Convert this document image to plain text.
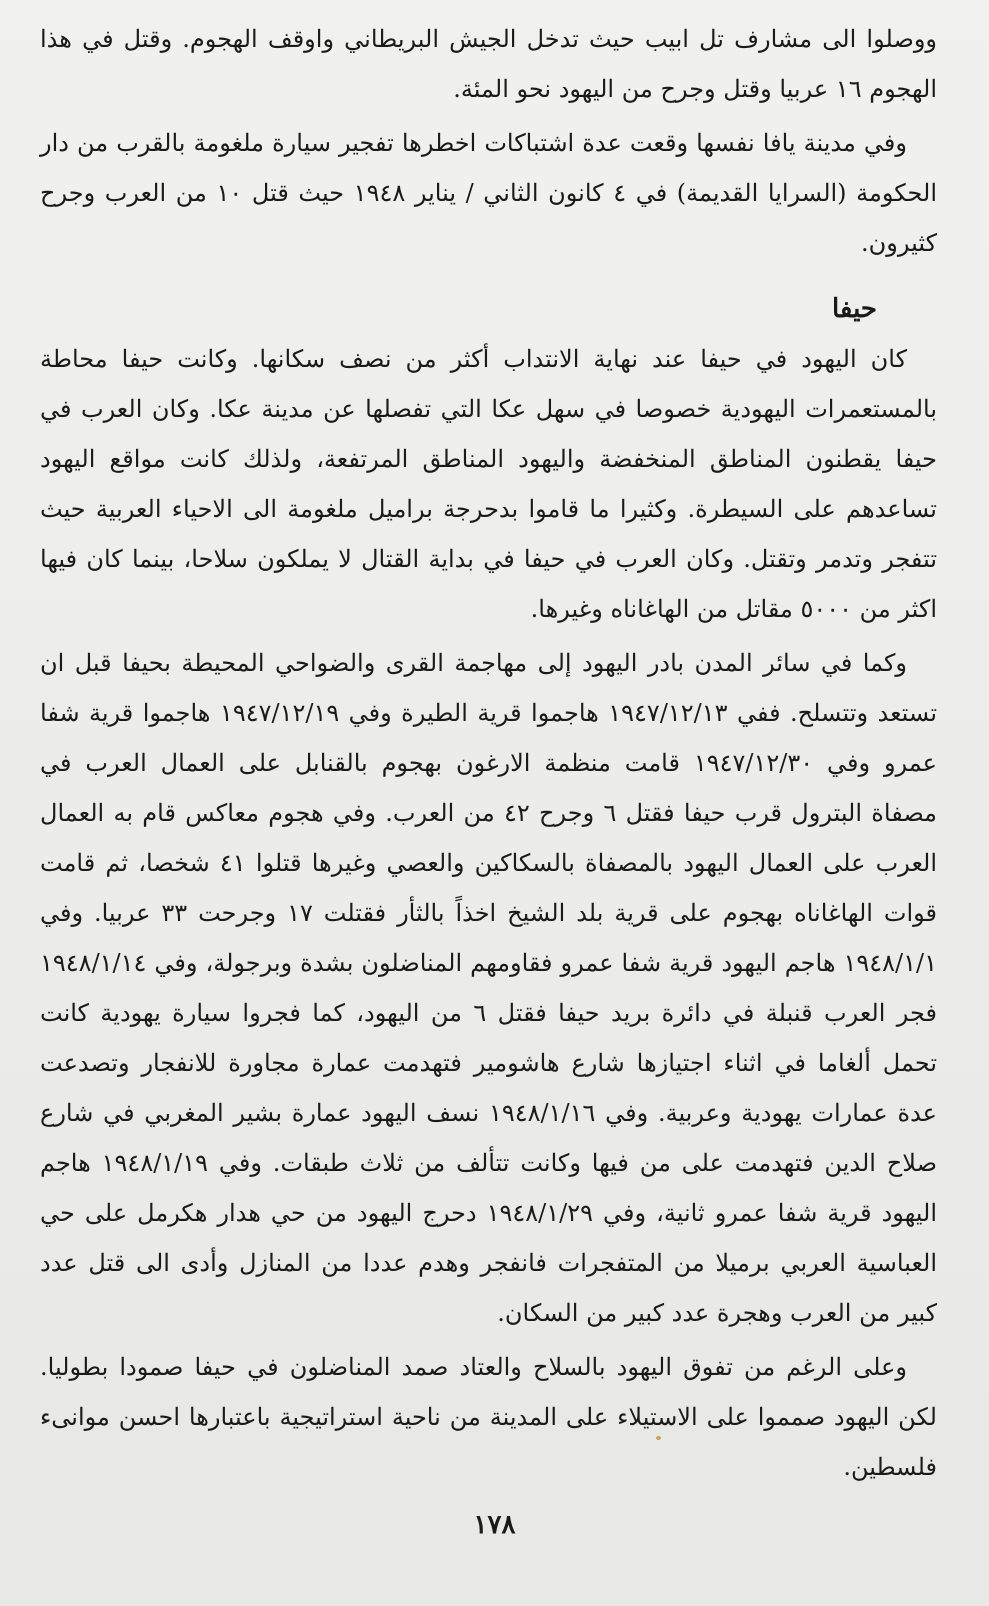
ووصلوا الى مشارف تل ابيب حيث تدخل الجيش البريطاني واوقف الهجوم. وقتل في هذا الهجوم ١٦ عربيا وقتل وجرح من اليهود نحو المئة.

وفي مدينة يافا نفسها وقعت عدة اشتباكات اخطرها تفجير سيارة ملغومة بالقرب من دار الحكومة (السرايا القديمة) في ٤ كانون الثاني / يناير ١٩٤٨ حيث قتل ١٠ من العرب وجرح كثيرون.

حيفا

كان اليهود في حيفا عند نهاية الانتداب أكثر من نصف سكانها. وكانت حيفا محاطة بالمستعمرات اليهودية خصوصا في سهل عكا التي تفصلها عن مدينة عكا. وكان العرب في حيفا يقطنون المناطق المنخفضة واليهود المناطق المرتفعة، ولذلك كانت مواقع اليهود تساعدهم على السيطرة. وكثيرا ما قاموا بدحرجة براميل ملغومة الى الاحياء العربية حيث تتفجر وتدمر وتقتل. وكان العرب في حيفا في بداية القتال لا يملكون سلاحا، بينما كان فيها اكثر من ٥٠٠٠ مقاتل من الهاغاناه وغيرها.

وكما في سائر المدن بادر اليهود إلى مهاجمة القرى والضواحي المحيطة بحيفا قبل ان تستعد وتتسلح. ففي ١٩٤٧/١٢/١٣ هاجموا قرية الطيرة وفي ١٩٤٧/١٢/١٩ هاجموا قرية شفا عمرو وفي ١٩٤٧/١٢/٣٠ قامت منظمة الارغون بهجوم بالقنابل على العمال العرب في مصفاة البترول قرب حيفا فقتل ٦ وجرح ٤٢ من العرب. وفي هجوم معاكس قام به العمال العرب على العمال اليهود بالمصفاة بالسكاكين والعصي وغيرها قتلوا ٤١ شخصا، ثم قامت قوات الهاغاناه بهجوم على قرية بلد الشيخ اخذاً بالثأر فقتلت ١٧ وجرحت ٣٣ عربيا. وفي ١٩٤٨/١/١ هاجم اليهود قرية شفا عمرو فقاومهم المناضلون بشدة وبرجولة، وفي ١٩٤٨/١/١٤ فجر العرب قنبلة في دائرة بريد حيفا فقتل ٦ من اليهود، كما فجروا سيارة يهودية كانت تحمل ألغاما في اثناء اجتيازها شارع هاشومير فتهدمت عمارة مجاورة للانفجار وتصدعت عدة عمارات يهودية وعربية. وفي ١٩٤٨/١/١٦ نسف اليهود عمارة بشير المغربي في شارع صلاح الدين فتهدمت على من فيها وكانت تتألف من ثلاث طبقات. وفي ١٩٤٨/١/١٩ هاجم اليهود قرية شفا عمرو ثانية، وفي ١٩٤٨/١/٢٩ دحرج اليهود من حي هدار هكرمل على حي العباسية العربي برميلا من المتفجرات فانفجر وهدم عددا من المنازل وأدى الى قتل عدد كبير من العرب وهجرة عدد كبير من السكان.

وعلى الرغم من تفوق اليهود بالسلاح والعتاد صمد المناضلون في حيفا صمودا بطوليا. لكن اليهود صمموا على الاستيلاء على المدينة من ناحية استراتيجية باعتبارها احسن موانىء فلسطين.

١٧٨
